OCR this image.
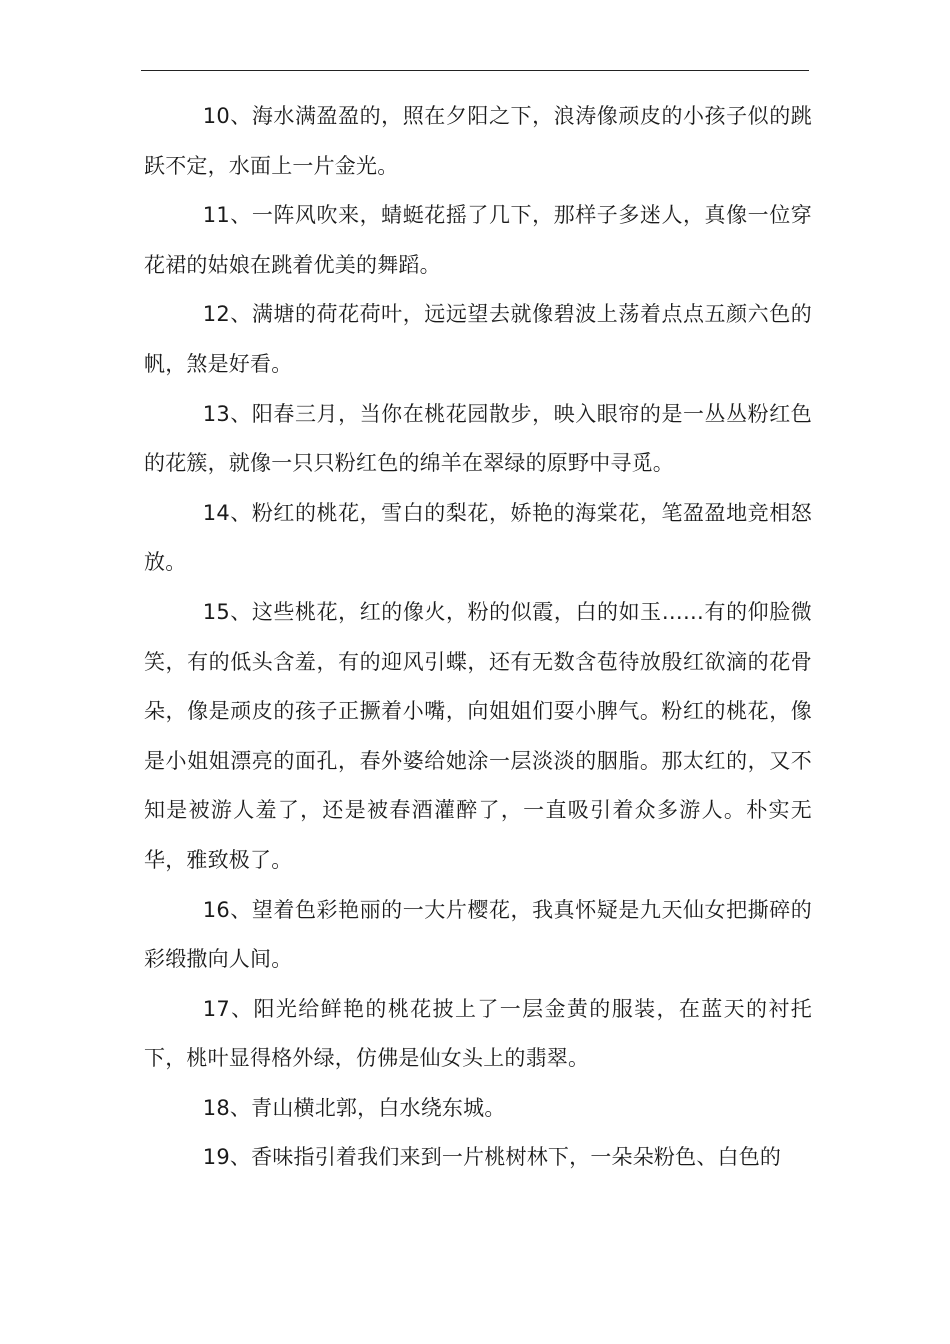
10、海水满盈盈的，照在夕阳之下，浪涛像顽皮的小孩子似的跳跃不定，水面上一片金光。

11、一阵风吹来，蜻蜓花摇了几下，那样子多迷人，真像一位穿花裙的姑娘在跳着优美的舞蹈。

12、满塘的荷花荷叶，远远望去就像碧波上荡着点点五颜六色的帆，煞是好看。

13、阳春三月，当你在桃花园散步，映入眼帘的是一丛丛粉红色的花簇，就像一只只粉红色的绵羊在翠绿的原野中寻觅。

14、粉红的桃花，雪白的梨花，娇艳的海棠花，笔盈盈地竞相怒放。

15、这些桃花，红的像火，粉的似霞，白的如玉……有的仰脸微笑，有的低头含羞，有的迎风引蝶，还有无数含苞待放殷红欲滴的花骨朵，像是顽皮的孩子正撅着小嘴，向姐姐们耍小脾气。粉红的桃花，像是小姐姐漂亮的面孔，春外婆给她涂一层淡淡的胭脂。那太红的，又不知是被游人羞了，还是被春酒灌醉了，一直吸引着众多游人。朴实无华，雅致极了。

16、望着色彩艳丽的一大片樱花，我真怀疑是九天仙女把撕碎的彩缎撒向人间。

17、阳光给鲜艳的桃花披上了一层金黄的服装，在蓝天的衬托下，桃叶显得格外绿，仿佛是仙女头上的翡翠。

18、青山横北郭，白水绕东城。

19、香味指引着我们来到一片桃树林下，一朵朵粉色、白色的
